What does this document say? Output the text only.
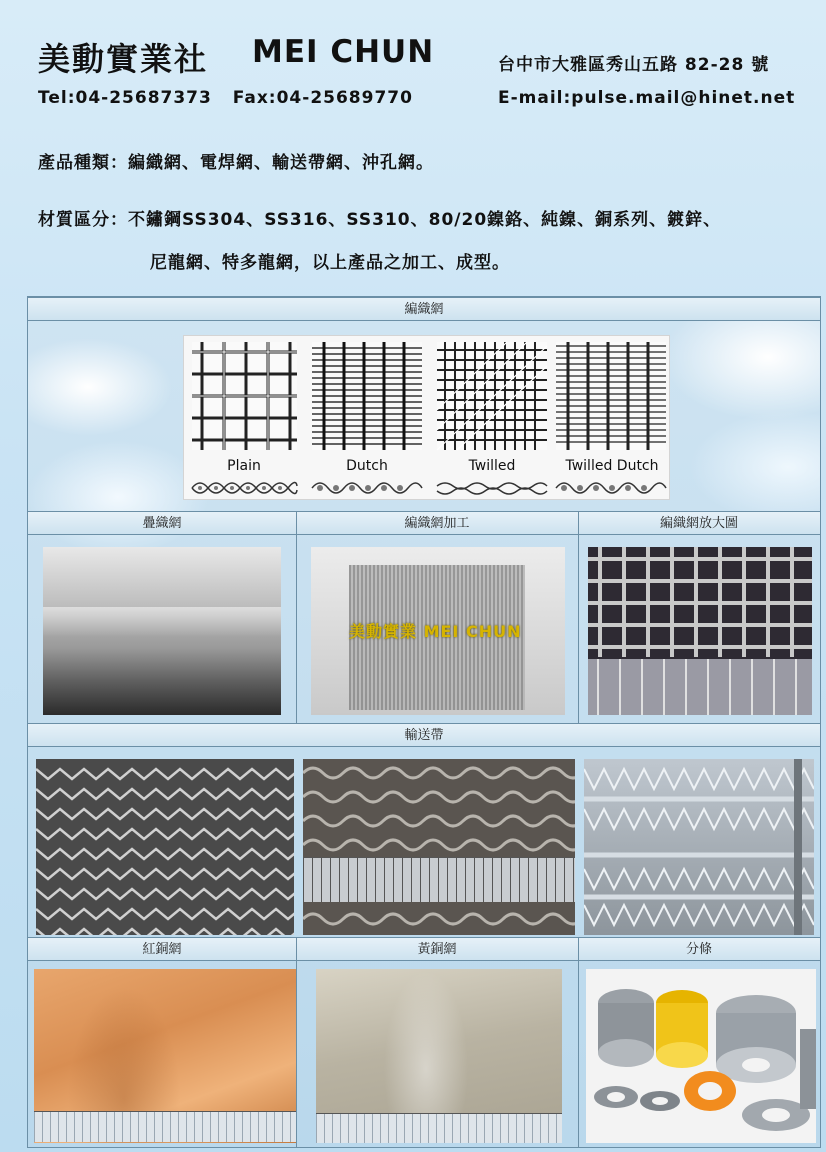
美動實業社 MEI CHUN	台中市大雅區秀山五路 82-28 號
Tel:04-25687373 Fax:04-25689770	E-mail:pulse.mail@hinet.net
產品種類：編織網、電焊網、輸送帶網、沖孔網。
材質區分：不鏽鋼SS304、SS316、SS310、80/20鎳鉻、純鎳、銅系列、鍍鋅、
尼龍網、特多龍網，以上產品之加工、成型。
編織網
Plain	Dutch	Twilled	Twilled Dutch
疊織網	編織網加工	編織網放大圖
美動實業 MEI CHUN
輸送帶
紅銅網	黃銅網	分條
